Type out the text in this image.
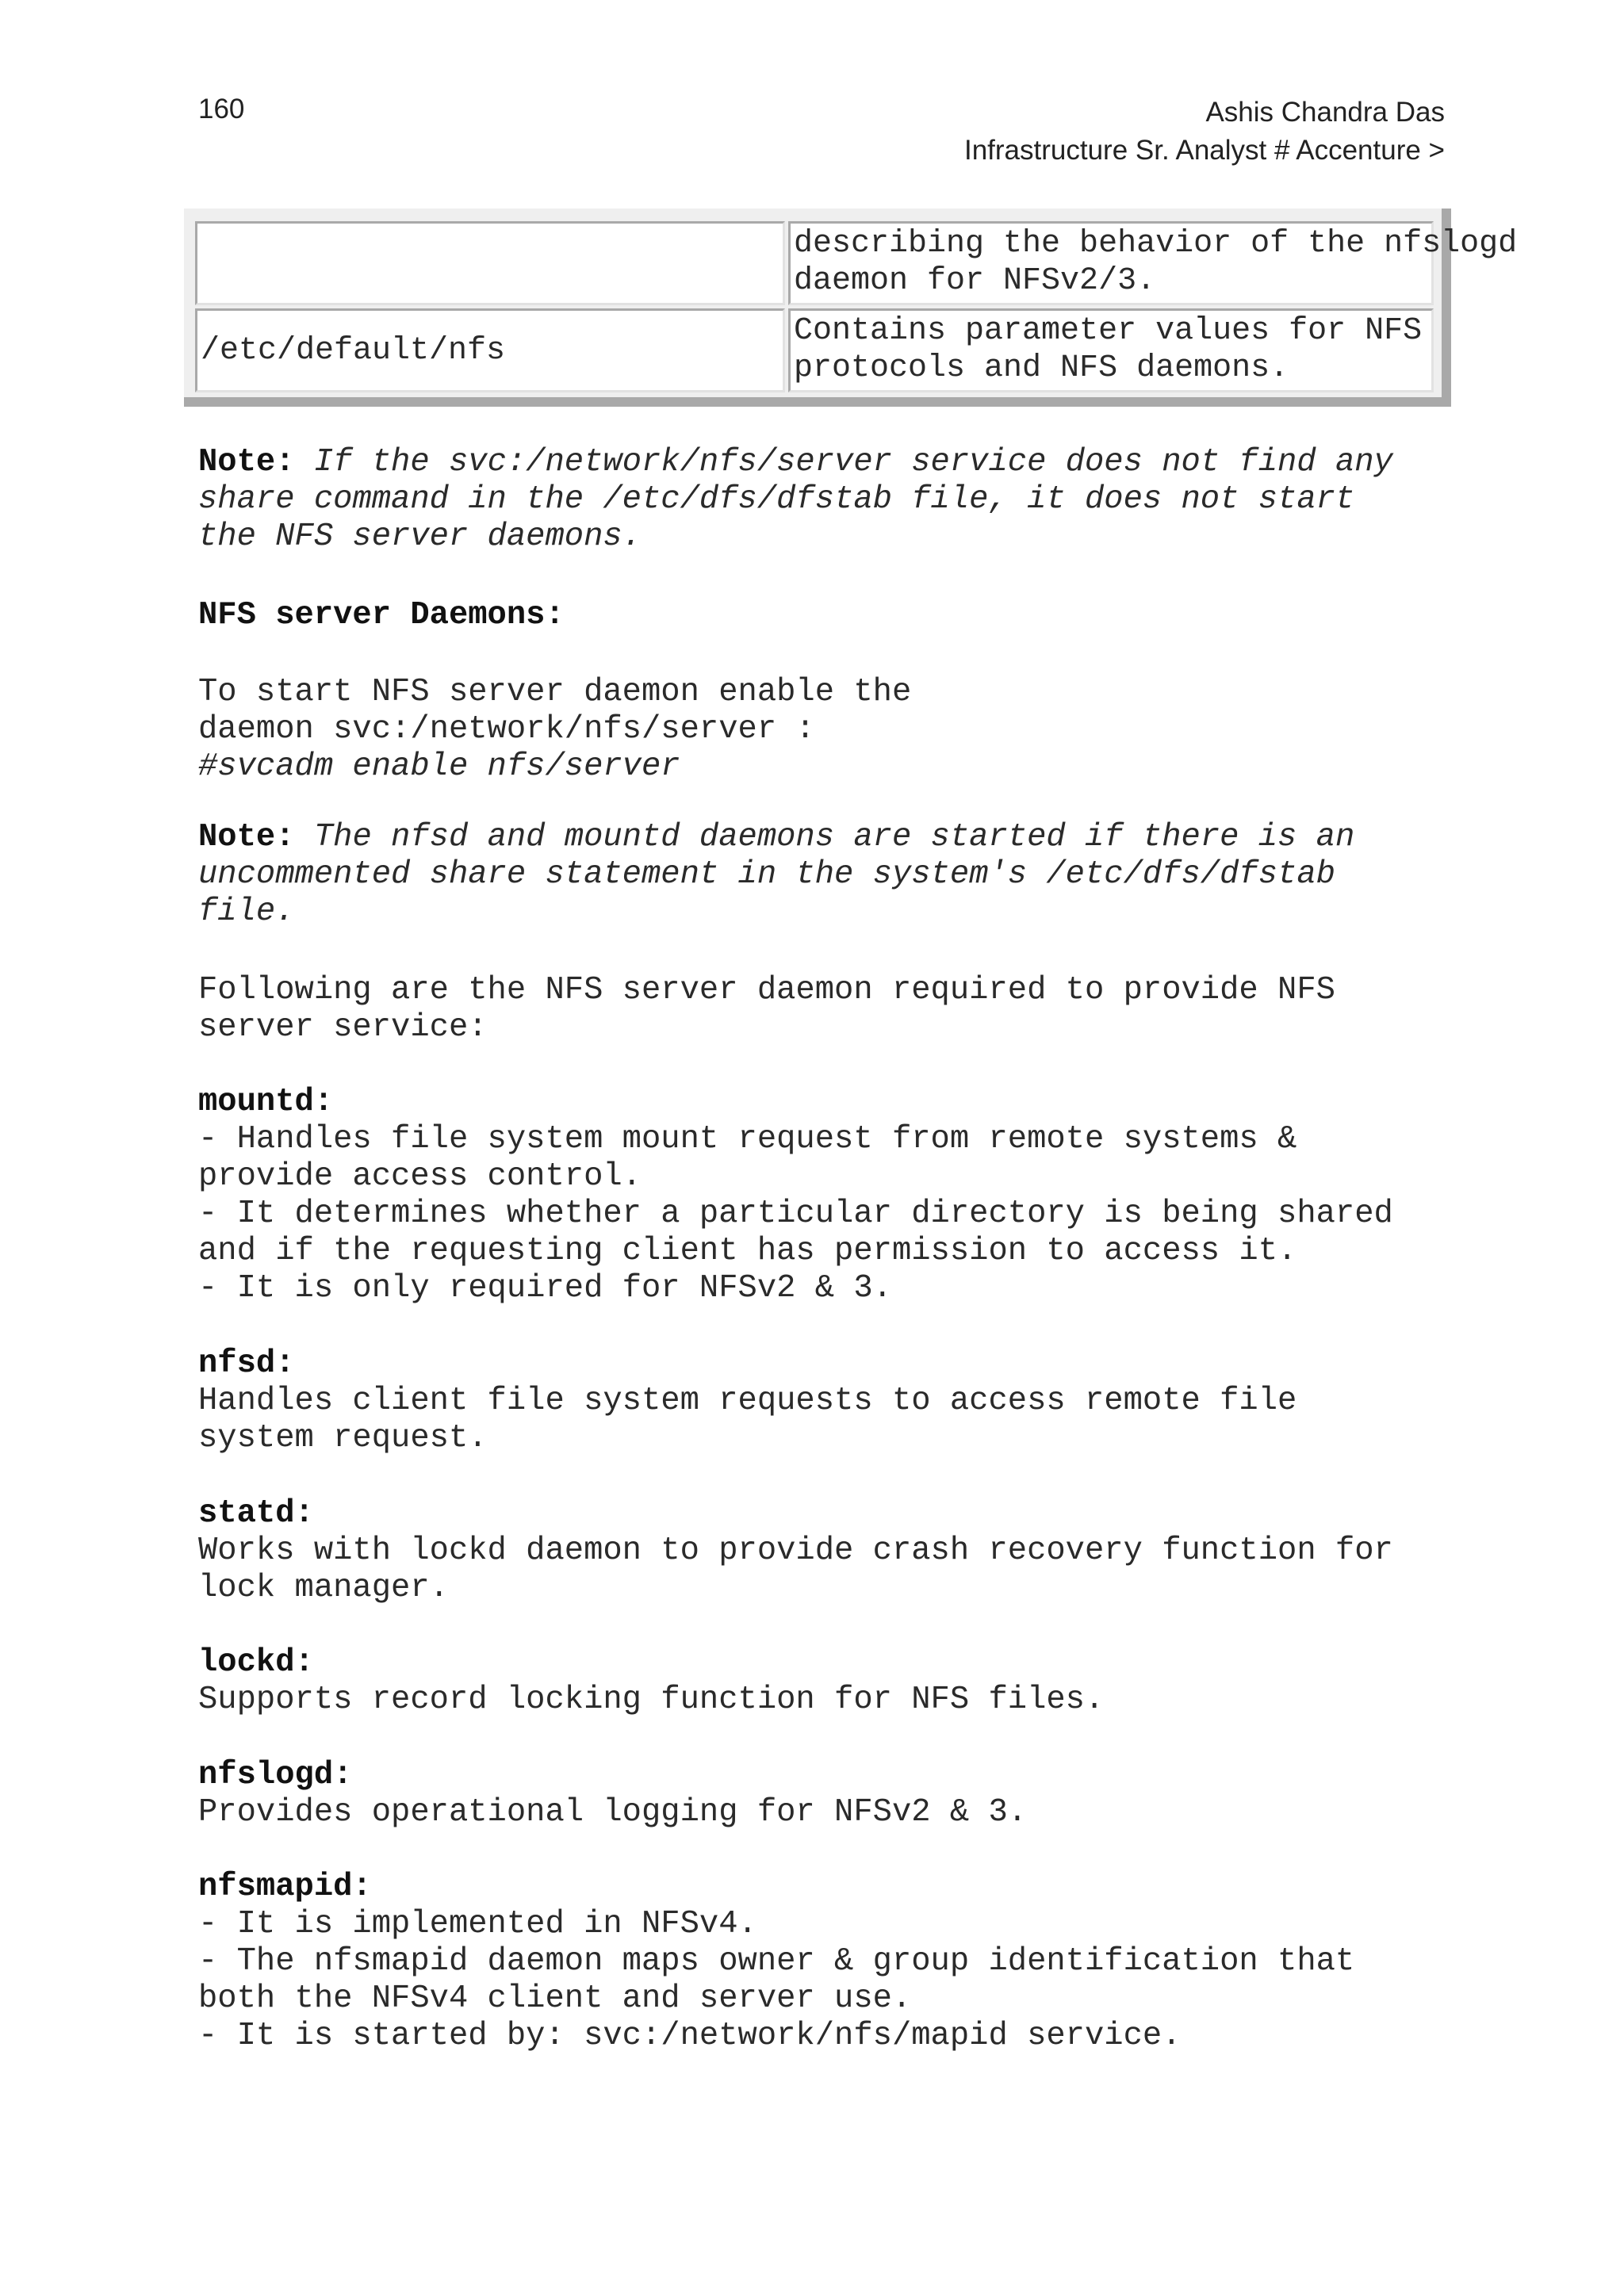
160	Ashis Chandra Das
Infrastructure Sr. Analyst # Accenture >
describing the behavior of the nfslogd
daemon for NFSv2/3.
/etc/default/nfs
Contains parameter values for NFS
protocols and NFS daemons.
Note: If the svc:/network/nfs/server service does not find any
share command in the /etc/dfs/dfstab file, it does not start
the NFS server daemons.
NFS server Daemons:
To start NFS server daemon enable the
daemon svc:/network/nfs/server :
#svcadm enable nfs/server
Note: The nfsd and mountd daemons are started if there is an
uncommented share statement in the system's /etc/dfs/dfstab
file.
Following are the NFS server daemon required to provide NFS
server service:
mountd:
- Handles file system mount request from remote systems &
provide access control.
- It determines whether a particular directory is being shared
and if the requesting client has permission to access it.
- It is only required for NFSv2 & 3.
nfsd:
Handles client file system requests to access remote file
system request.
statd:
Works with lockd daemon to provide crash recovery function for
lock manager.
lockd:
Supports record locking function for NFS files.
nfslogd:
Provides operational logging for NFSv2 & 3.
nfsmapid:
- It is implemented in NFSv4.
- The nfsmapid daemon maps owner & group identification that
both the NFSv4 client and server use.
- It is started by: svc:/network/nfs/mapid service.
